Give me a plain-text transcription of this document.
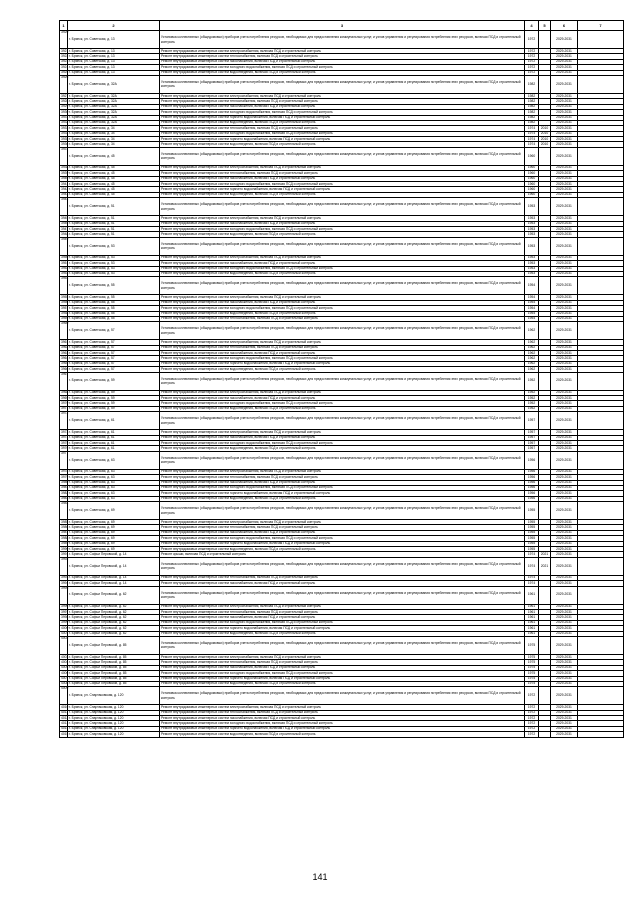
1	2		3	4	5	6	7
3920	г. Брянск, ул. Советская, д. 13		Установка коллективных (общедомовых) приборов учета потребления ресурсов, необходимых для предоставления коммунальных услуг, и узлов управления и регулирования потребления этих ресурсов, включая ПСД и строительный контроль	1972		2029-2031	
3921	г. Брянск, ул. Советская, д. 13		Ремонт внутридомовых инженерных систем электроснабжения, включая ПСД и строительный контроль	1972		2029-2031	
3922	г. Брянск, ул. Советская, д. 13		Ремонт внутридомовых инженерных систем теплоснабжения, включая ПСД и строительный контроль	1972		2029-2031	
3923	г. Брянск, ул. Советская, д. 13		Ремонт внутридомовых инженерных систем газоснабжения, включая ПСД и строительный контроль	1972		2029-2031	
3924	г. Брянск, ул. Советская, д. 13		Ремонт внутридомовых инженерных систем холодного водоснабжения, включая ПСД и строительный контроль	1972		2029-2031	
3925	г. Брянск, ул. Советская, д. 13		Ремонт внутридомовых инженерных систем водоотведения, включая ПСД и строительный контроль	1972		2029-2031	
3926	г. Брянск, ул. Советская, д. 32А		Установка коллективных (общедомовых) приборов учета потребления ресурсов, необходимых для предоставления коммунальных услуг, и узлов управления и регулирования потребления этих ресурсов, включая ПСД и строительный контроль	1982		2029-2031	
3927	г. Брянск, ул. Советская, д. 32А		Ремонт внутридомовых инженерных систем электроснабжения, включая ПСД и строительный контроль	1982		2029-2031	
3928	г. Брянск, ул. Советская, д. 32А		Ремонт внутридомовых инженерных систем теплоснабжения, включая ПСД и строительный контроль	1982		2029-2031	
3929	г. Брянск, ул. Советская, д. 32А		Ремонт внутридомовых инженерных систем газоснабжения, включая ПСД и строительный контроль	1982		2029-2031	
3930	г. Брянск, ул. Советская, д. 32А		Ремонт внутридомовых инженерных систем холодного водоснабжения, включая ПСД и строительный контроль	1982		2029-2031	
3931	г. Брянск, ул. Советская, д. 32А		Ремонт внутридомовых инженерных систем горячего водоснабжения, включая ПСД и строительный контроль	1982		2029-2031	
3932	г. Брянск, ул. Советская, д. 32А		Ремонт внутридомовых инженерных систем водоотведения, включая ПСД и строительный контроль	1982		2029-2031	
3933	г. Брянск, ул. Советская, д. 34		Ремонт внутридомовых инженерных систем теплоснабжения, включая ПСД и строительный контроль	1974	2010	2029-2031	
3934	г. Брянск, ул. Советская, д. 34		Ремонт внутридомовых инженерных систем холодного водоснабжения, включая ПСД и строительный контроль	1974	2010	2029-2031	
3935	г. Брянск, ул. Советская, д. 34		Ремонт внутридомовых инженерных систем горячего водоснабжения, включая ПСД и строительный контроль	1974	2010	2029-2031	
3936	г. Брянск, ул. Советская, д. 34		Ремонт внутридомовых инженерных систем водоотведения, включая ПСД и строительный контроль	1974	2010	2029-2031	
3937	г. Брянск, ул. Советская, д. 45		Установка коллективных (общедомовых) приборов учета потребления ресурсов, необходимых для предоставления коммунальных услуг, и узлов управления и регулирования потребления этих ресурсов, включая ПСД и строительный контроль	1960		2029-2031	
3938	г. Брянск, ул. Советская, д. 45		Ремонт внутридомовых инженерных систем электроснабжения, включая ПСД и строительный контроль	1960		2029-2031	
3939	г. Брянск, ул. Советская, д. 45		Ремонт внутридомовых инженерных систем теплоснабжения, включая ПСД и строительный контроль	1960		2029-2031	
3940	г. Брянск, ул. Советская, д. 45		Ремонт внутридомовых инженерных систем газоснабжения, включая ПСД и строительный контроль	1960		2029-2031	
3941	г. Брянск, ул. Советская, д. 45		Ремонт внутридомовых инженерных систем холодного водоснабжения, включая ПСД и строительный контроль	1960		2029-2031	
3942	г. Брянск, ул. Советская, д. 45		Ремонт внутридомовых инженерных систем горячего водоснабжения, включая ПСД и строительный контроль	1960		2029-2031	
3943	г. Брянск, ул. Советская, д. 45		Ремонт внутридомовых инженерных систем водоотведения, включая ПСД и строительный контроль	1960		2029-2031	
3944	г. Брянск, ул. Советская, д. 51		Установка коллективных (общедомовых) приборов учета потребления ресурсов, необходимых для предоставления коммунальных услуг, и узлов управления и регулирования потребления этих ресурсов, включая ПСД и строительный контроль	1953		2029-2031	
3945	г. Брянск, ул. Советская, д. 51		Ремонт внутридомовых инженерных систем электроснабжения, включая ПСД и строительный контроль	1953		2029-2031	
3946	г. Брянск, ул. Советская, д. 51		Ремонт внутридомовых инженерных систем газоснабжения, включая ПСД и строительный контроль	1953		2029-2031	
3947	г. Брянск, ул. Советская, д. 51		Ремонт внутридомовых инженерных систем холодного водоснабжения, включая ПСД и строительный контроль	1953		2029-2031	
3948	г. Брянск, ул. Советская, д. 51		Ремонт внутридомовых инженерных систем водоотведения, включая ПСД и строительный контроль	1953		2029-2031	
3949	г. Брянск, ул. Советская, д. 53		Установка коллективных (общедомовых) приборов учета потребления ресурсов, необходимых для предоставления коммунальных услуг, и узлов управления и регулирования потребления этих ресурсов, включая ПСД и строительный контроль	1953		2029-2031	
3950	г. Брянск, ул. Советская, д. 53		Ремонт внутридомовых инженерных систем электроснабжения, включая ПСД и строительный контроль	1953		2029-2031	
3951	г. Брянск, ул. Советская, д. 53		Ремонт внутридомовых инженерных систем газоснабжения, включая ПСД и строительный контроль	1953		2029-2031	
3952	г. Брянск, ул. Советская, д. 53		Ремонт внутридомовых инженерных систем холодного водоснабжения, включая ПСД и строительный контроль	1953		2029-2031	
3953	г. Брянск, ул. Советская, д. 53		Ремонт внутридомовых инженерных систем водоотведения, включая ПСД и строительный контроль	1953		2029-2031	
3954	г. Брянск, ул. Советская, д. 55		Установка коллективных (общедомовых) приборов учета потребления ресурсов, необходимых для предоставления коммунальных услуг, и узлов управления и регулирования потребления этих ресурсов, включая ПСД и строительный контроль	1954		2029-2031	
3955	г. Брянск, ул. Советская, д. 55		Ремонт внутридомовых инженерных систем электроснабжения, включая ПСД и строительный контроль	1954		2029-2031	
3956	г. Брянск, ул. Советская, д. 55		Ремонт внутридомовых инженерных систем газоснабжения, включая ПСД и строительный контроль	1954		2029-2031	
3957	г. Брянск, ул. Советская, д. 55		Ремонт внутридомовых инженерных систем холодного водоснабжения, включая ПСД и строительный контроль	1954		2029-2031	
3958	г. Брянск, ул. Советская, д. 55		Ремонт внутридомовых инженерных систем водоотведения, включая ПСД и строительный контроль	1954		2029-2031	
3959	г. Брянск, ул. Советская, д. 55		Ремонт внутридомовых инженерных систем теплоснабжения, включая ПСД и строительный контроль	1954		2029-2031	
3960	г. Брянск, ул. Советская, д. 57		Установка коллективных (общедомовых) приборов учета потребления ресурсов, необходимых для предоставления коммунальных услуг, и узлов управления и регулирования потребления этих ресурсов, включая ПСД и строительный контроль	1962		2029-2031	
3961	г. Брянск, ул. Советская, д. 57		Ремонт внутридомовых инженерных систем электроснабжения, включая ПСД и строительный контроль	1962		2029-2031	
3962	г. Брянск, ул. Советская, д. 57		Ремонт внутридомовых инженерных систем теплоснабжения, включая ПСД и строительный контроль	1962		2029-2031	
3963	г. Брянск, ул. Советская, д. 57		Ремонт внутридомовых инженерных систем газоснабжения, включая ПСД и строительный контроль	1962		2029-2031	
3964	г. Брянск, ул. Советская, д. 57		Ремонт внутридомовых инженерных систем холодного водоснабжения, включая ПСД и строительный контроль	1962		2029-2031	
3965	г. Брянск, ул. Советская, д. 57		Ремонт внутридомовых инженерных систем горячего водоснабжения, включая ПСД и строительный контроль	1962		2029-2031	
3966	г. Брянск, ул. Советская, д. 57		Ремонт внутридомовых инженерных систем водоотведения, включая ПСД и строительный контроль	1962		2029-2031	
3967	г. Брянск, ул. Советская, д. 59		Установка коллективных (общедомовых) приборов учета потребления ресурсов, необходимых для предоставления коммунальных услуг, и узлов управления и регулирования потребления этих ресурсов, включая ПСД и строительный контроль	1952		2029-2031	
3968	г. Брянск, ул. Советская, д. 59		Ремонт внутридомовых инженерных систем электроснабжения, включая ПСД и строительный контроль	1952		2029-2031	
3969	г. Брянск, ул. Советская, д. 59		Ремонт внутридомовых инженерных систем газоснабжения, включая ПСД и строительный контроль	1952		2029-2031	
3970	г. Брянск, ул. Советская, д. 59		Ремонт внутридомовых инженерных систем холодного водоснабжения, включая ПСД и строительный контроль	1952		2029-2031	
3971	г. Брянск, ул. Советская, д. 59		Ремонт внутридомовых инженерных систем водоотведения, включая ПСД и строительный контроль	1952		2029-2031	
3972	г. Брянск, ул. Советская, д. 61		Установка коллективных (общедомовых) приборов учета потребления ресурсов, необходимых для предоставления коммунальных услуг, и узлов управления и регулирования потребления этих ресурсов, включая ПСД и строительный контроль	1957		2029-2031	
3973	г. Брянск, ул. Советская, д. 61		Ремонт внутридомовых инженерных систем электроснабжения, включая ПСД и строительный контроль	1957		2029-2031	
3974	г. Брянск, ул. Советская, д. 61		Ремонт внутридомовых инженерных систем газоснабжения, включая ПСД и строительный контроль	1957		2029-2031	
3975	г. Брянск, ул. Советская, д. 61		Ремонт внутридомовых инженерных систем холодного водоснабжения, включая ПСД и строительный контроль	1957		2029-2031	
3976	г. Брянск, ул. Советская, д. 61		Ремонт внутридомовых инженерных систем водоотведения, включая ПСД и строительный контроль	1957		2029-2031	
3977	г. Брянск, ул. Советская, д. 63		Установка коллективных (общедомовых) приборов учета потребления ресурсов, необходимых для предоставления коммунальных услуг, и узлов управления и регулирования потребления этих ресурсов, включая ПСД и строительный контроль	1956		2029-2031	
3978	г. Брянск, ул. Советская, д. 63		Ремонт внутридомовых инженерных систем электроснабжения, включая ПСД и строительный контроль	1956		2029-2031	
3979	г. Брянск, ул. Советская, д. 63		Ремонт внутридомовых инженерных систем теплоснабжения, включая ПСД и строительный контроль	1956		2029-2031	
3980	г. Брянск, ул. Советская, д. 63		Ремонт внутридомовых инженерных систем газоснабжения, включая ПСД и строительный контроль	1956		2029-2031	
3981	г. Брянск, ул. Советская, д. 63		Ремонт внутридомовых инженерных систем холодного водоснабжения, включая ПСД и строительный контроль	1956		2029-2031	
3982	г. Брянск, ул. Советская, д. 63		Ремонт внутридомовых инженерных систем горячего водоснабжения, включая ПСД и строительный контроль	1956		2029-2031	
3983	г. Брянск, ул. Советская, д. 63		Ремонт внутридомовых инженерных систем водоотведения, включая ПСД и строительный контроль	1956		2029-2031	
3984	г. Брянск, ул. Советская, д. 69		Установка коллективных (общедомовых) приборов учета потребления ресурсов, необходимых для предоставления коммунальных услуг, и узлов управления и регулирования потребления этих ресурсов, включая ПСД и строительный контроль	1955		2029-2031	
3985	г. Брянск, ул. Советская, д. 69		Ремонт внутридомовых инженерных систем электроснабжения, включая ПСД и строительный контроль	1955		2029-2031	
3986	г. Брянск, ул. Советская, д. 69		Ремонт внутридомовых инженерных систем теплоснабжения, включая ПСД и строительный контроль	1955		2029-2031	
3987	г. Брянск, ул. Советская, д. 69		Ремонт внутридомовых инженерных систем газоснабжения, включая ПСД и строительный контроль	1955		2029-2031	
3988	г. Брянск, ул. Советская, д. 69		Ремонт внутридомовых инженерных систем холодного водоснабжения, включая ПСД и строительный контроль	1955		2029-2031	
3989	г. Брянск, ул. Советская, д. 69		Ремонт внутридомовых инженерных систем горячего водоснабжения, включая ПСД и строительный контроль	1955		2029-2031	
3990	г. Брянск, ул. Советская, д. 69		Ремонт внутридомовых инженерных систем водоотведения, включая ПСД и строительный контроль	1955		2029-2031	
3991	г. Брянск, ул. Софьи Перовской, д. 14		Ремонт крыши, включая ПСД и строительный контроль	1974	2021	2029-2031	
3992	г. Брянск, ул. Софьи Перовской, д. 14		Установка коллективных (общедомовых) приборов учета потребления ресурсов, необходимых для предоставления коммунальных услуг, и узлов управления и регулирования потребления этих ресурсов, включая ПСД и строительный контроль	1974	2021	2029-2031	
3993	г. Брянск, ул. Софьи Перовской, д. 14		Ремонт внутридомовых инженерных систем теплоснабжения, включая ПСД и строительный контроль	1974		2029-2031	
3994	г. Брянск, ул. Софьи Перовской, д. 14		Ремонт внутридомовых инженерных систем газоснабжения, включая ПСД и строительный контроль	1974		2029-2031	
3995	г. Брянск, ул. Софьи Перовской, д. 62		Установка коллективных (общедомовых) приборов учета потребления ресурсов, необходимых для предоставления коммунальных услуг, и узлов управления и регулирования потребления этих ресурсов, включая ПСД и строительный контроль	1961		2029-2031	
3996	г. Брянск, ул. Софьи Перовской, д. 62		Ремонт внутридомовых инженерных систем электроснабжения, включая ПСД и строительный контроль	1961		2029-2031	
3997	г. Брянск, ул. Софьи Перовской, д. 62		Ремонт внутридомовых инженерных систем теплоснабжения, включая ПСД и строительный контроль	1961		2029-2031	
3998	г. Брянск, ул. Софьи Перовской, д. 62		Ремонт внутридомовых инженерных систем газоснабжения, включая ПСД и строительный контроль	1961		2029-2031	
3999	г. Брянск, ул. Софьи Перовской, д. 62		Ремонт внутридомовых инженерных систем холодного водоснабжения, включая ПСД и строительный контроль	1961		2029-2031	
4000	г. Брянск, ул. Софьи Перовской, д. 62		Ремонт внутридомовых инженерных систем горячего водоснабжения, включая ПСД и строительный контроль	1961		2029-2031	
4001	г. Брянск, ул. Софьи Перовской, д. 62		Ремонт внутридомовых инженерных систем водоотведения, включая ПСД и строительный контроль	1961		2029-2031	
4002	г. Брянск, ул. Софьи Перовской, д. 85		Установка коллективных (общедомовых) приборов учета потребления ресурсов, необходимых для предоставления коммунальных услуг, и узлов управления и регулирования потребления этих ресурсов, включая ПСД и строительный контроль	1975		2029-2031	
4003	г. Брянск, ул. Софьи Перовской, д. 85		Ремонт внутридомовых инженерных систем электроснабжения, включая ПСД и строительный контроль	1975		2029-2031	
4004	г. Брянск, ул. Софьи Перовской, д. 85		Ремонт внутридомовых инженерных систем теплоснабжения, включая ПСД и строительный контроль	1975		2029-2031	
4005	г. Брянск, ул. Софьи Перовской, д. 85		Ремонт внутридомовых инженерных систем газоснабжения, включая ПСД и строительный контроль	1975		2029-2031	
4006	г. Брянск, ул. Софьи Перовской, д. 85		Ремонт внутридомовых инженерных систем холодного водоснабжения, включая ПСД и строительный контроль	1975		2029-2031	
4007	г. Брянск, ул. Софьи Перовской, д. 85		Ремонт внутридомовых инженерных систем горячего водоснабжения, включая ПСД и строительный контроль	1975		2029-2031	
4008	г. Брянск, ул. Софьи Перовской, д. 85		Ремонт внутридомовых инженерных систем водоотведения, включая ПСД и строительный контроль	1975		2029-2031	
4009	г. Брянск, ул. Спартаковская, д. 120		Установка коллективных (общедомовых) приборов учета потребления ресурсов, необходимых для предоставления коммунальных услуг, и узлов управления и регулирования потребления этих ресурсов, включая ПСД и строительный контроль	1972		2029-2031	
4010	г. Брянск, ул. Спартаковская, д. 120		Ремонт внутридомовых инженерных систем электроснабжения, включая ПСД и строительный контроль	1972		2029-2031	
4011	г. Брянск, ул. Спартаковская, д. 120		Ремонт внутридомовых инженерных систем теплоснабжения, включая ПСД и строительный контроль	1972		2029-2031	
4012	г. Брянск, ул. Спартаковская, д. 120		Ремонт внутридомовых инженерных систем газоснабжения, включая ПСД и строительный контроль	1972		2029-2031	
4013	г. Брянск, ул. Спартаковская, д. 120		Ремонт внутридомовых инженерных систем холодного водоснабжения, включая ПСД и строительный контроль	1972		2029-2031	
4014	г. Брянск, ул. Спартаковская, д. 120		Ремонт внутридомовых инженерных систем горячего водоснабжения, включая ПСД и строительный контроль	1972		2029-2031	
4015	г. Брянск, ул. Спартаковская, д. 120		Ремонт внутридомовых инженерных систем водоотведения, включая ПСД и строительный контроль	1972		2029-2031	
141
